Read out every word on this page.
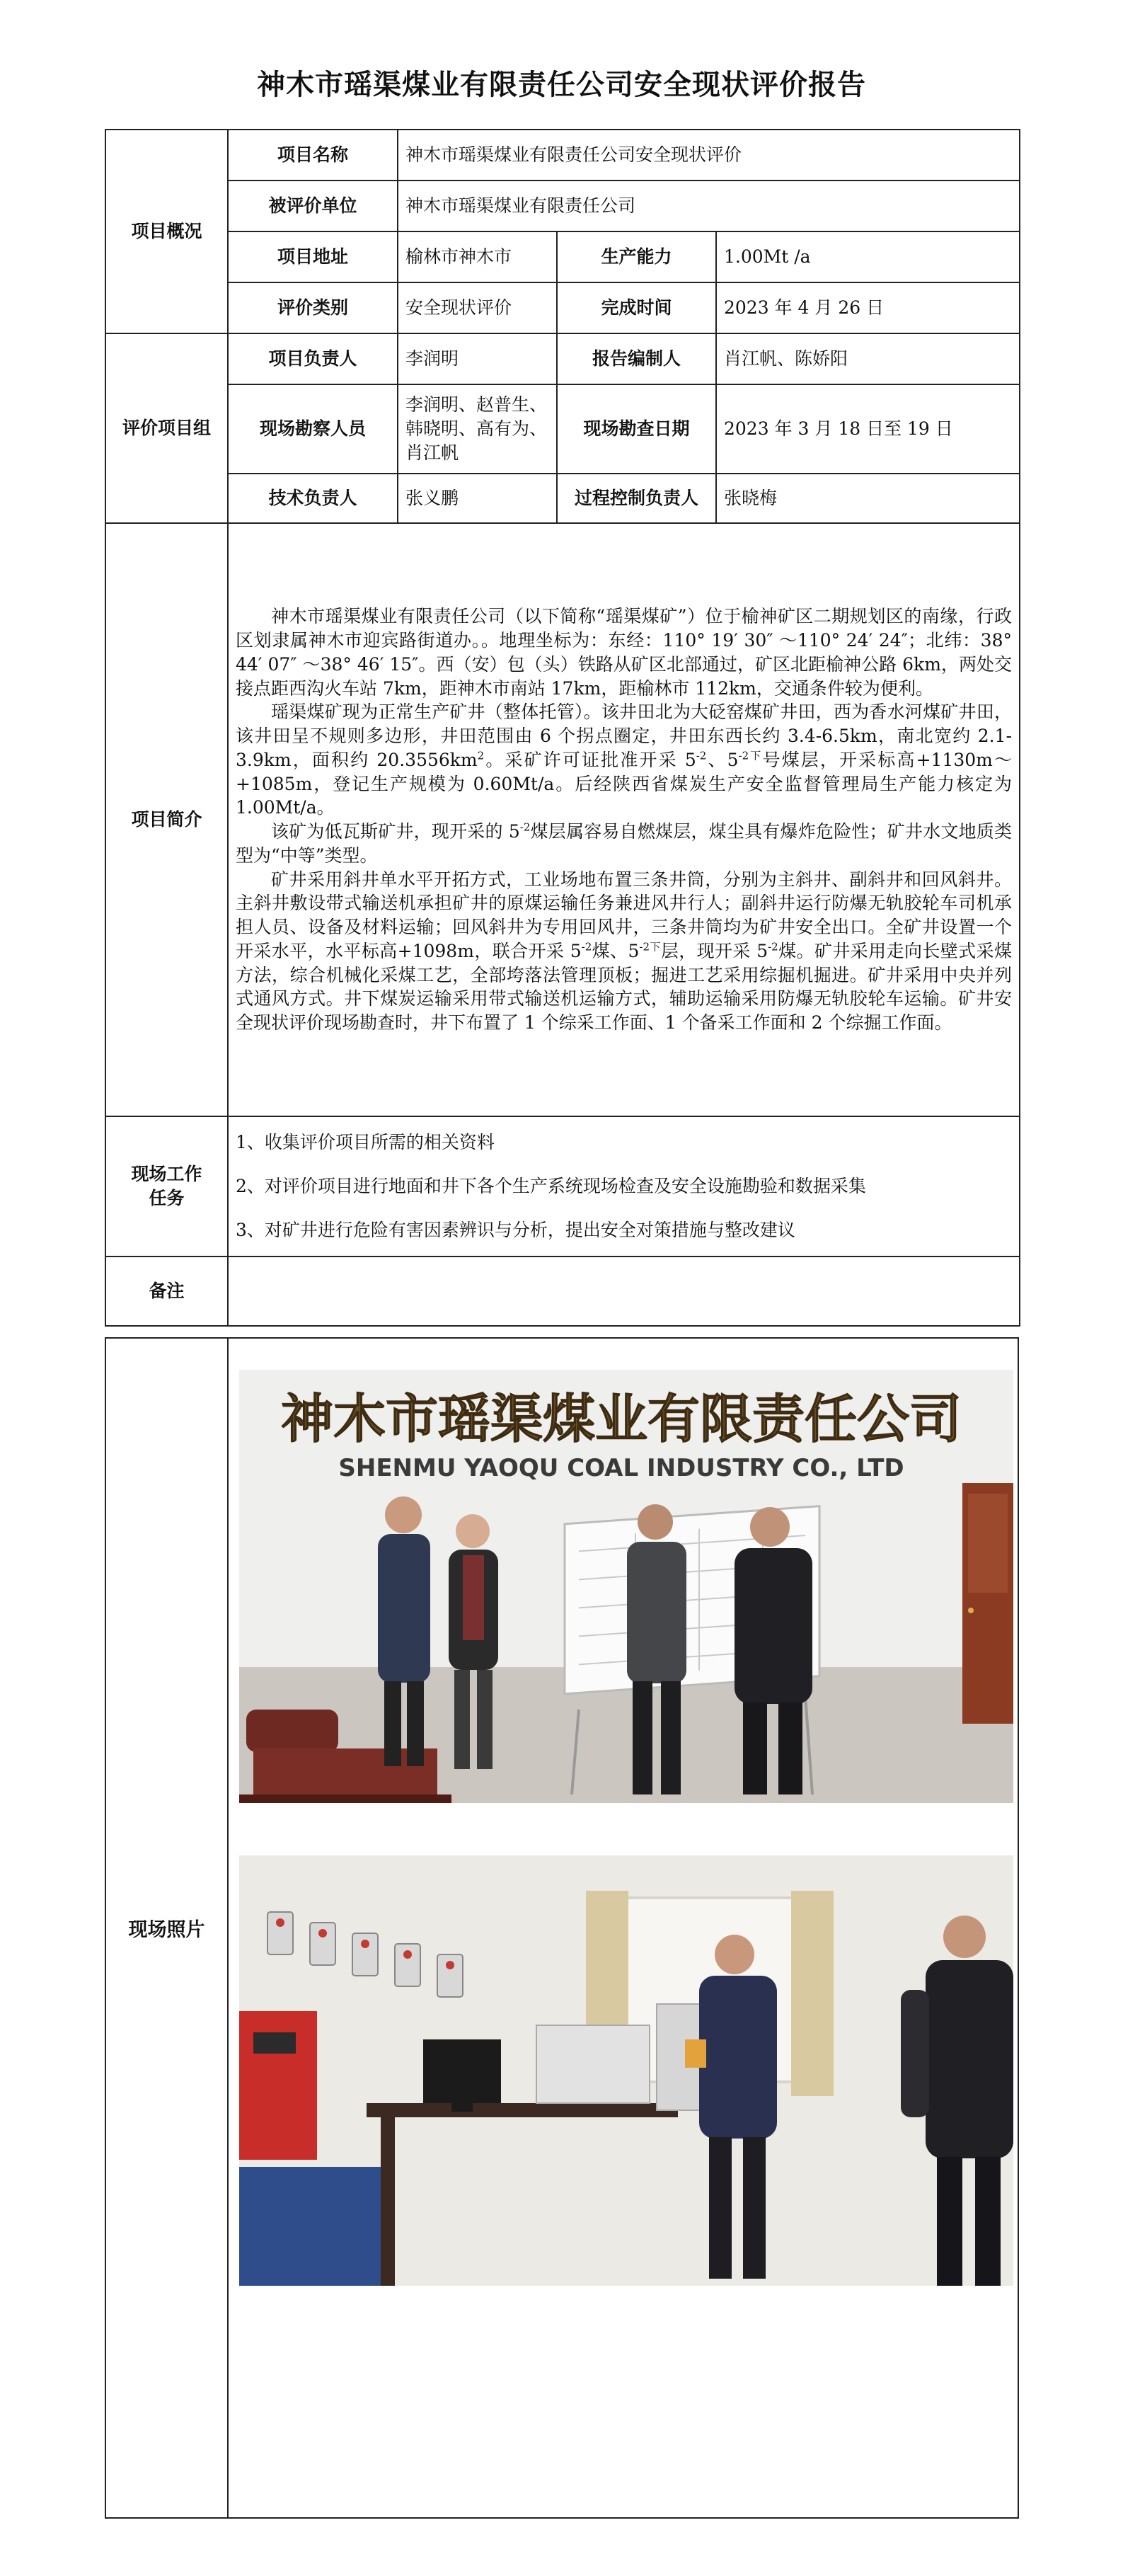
神木市瑶渠煤业有限责任公司安全现状评价报告
项目概况	项目名称	神木市瑶渠煤业有限责任公司安全现状评价		
	被评价单位	神木市瑶渠煤业有限责任公司		
	项目地址	榆林市神木市	生产能力	1.00Mt /a
	评价类别	安全现状评价	完成时间	2023 年 4 月 26 日
评价项目组	项目负责人	李润明	报告编制人	肖江帆、陈娇阳
	现场勘察人员	李润明、赵普生、韩晓明、高有为、肖江帆	现场勘查日期	2023 年 3 月 18 日至 19 日
	技术负责人	张义鹏	过程控制负责人	张晓梅
项目简介	神木市瑶渠煤业有限责任公司（以下简称“瑶渠煤矿”）位于榆神矿区二期规划区的南缘，行政区划隶属神木市迎宾路街道办。。地理坐标为：东经：110° 19′ 30″ ～110° 24′ 24″；北纬：38° 44′ 07″ ～38° 46′ 15″。西（安）包（头）铁路从矿区北部通过，矿区北距榆神公路 6km，两处交接点距西沟火车站 7km，距神木市南站 17km，距榆林市 112km，交通条件较为便利。

瑶渠煤矿现为正常生产矿井（整体托管）。该井田北为大砭窑煤矿井田，西为香水河煤矿井田，该井田呈不规则多边形，井田范围由 6 个拐点圈定，井田东西长约 3.4-6.5km，南北宽约 2.1-3.9km，面积约 $20.3556km^2$。采矿许可证批准开采 $5^{-2}$、$5^{-2下}$号煤层，开采标高+1130m～+1085m，登记生产规模为 0.60Mt/a。后经陕西省煤炭生产安全监督管理局生产能力核定为 1.00Mt/a。

该矿为低瓦斯矿井，现开采的 $5^{-2}$煤层属容易自燃煤层，煤尘具有爆炸危险性；矿井水文地质类型为“中等”类型。

矿井采用斜井单水平开拓方式，工业场地布置三条井筒，分别为主斜井、副斜井和回风斜井。主斜井敷设带式输送机承担矿井的原煤运输任务兼进风井行人；副斜井运行防爆无轨胶轮车司机承担人员、设备及材料运输；回风斜井为专用回风井，三条井筒均为矿井安全出口。全矿井设置一个开采水平，水平标高+1098m，联合开采 $5^{-2}$煤、$5^{-2下}$层，现开采 $5^{-2}$煤。矿井采用走向长壁式采煤方法，综合机械化采煤工艺，全部垮落法管理顶板；掘进工艺采用综掘机掘进。矿井采用中央并列式通风方式。井下煤炭运输采用带式输送机运输方式，辅助运输采用防爆无轨胶轮车运输。矿井安全现状评价现场勘查时，井下布置了 1 个综采工作面、1 个备采工作面和 2 个综掘工作面。			

现场工作任务	1、收集评价项目所需的相关资料
2、对评价项目进行地面和井下各个生产系统现场检查及安全设施勘验和数据采集
3、对矿井进行危险有害因素辨识与分析，提出安全对策措施与整改建议			

备注				
现场照片
神木市瑶渠煤业有限责任公司
SHENMU YAOQU COAL INDUSTRY CO., LTD
